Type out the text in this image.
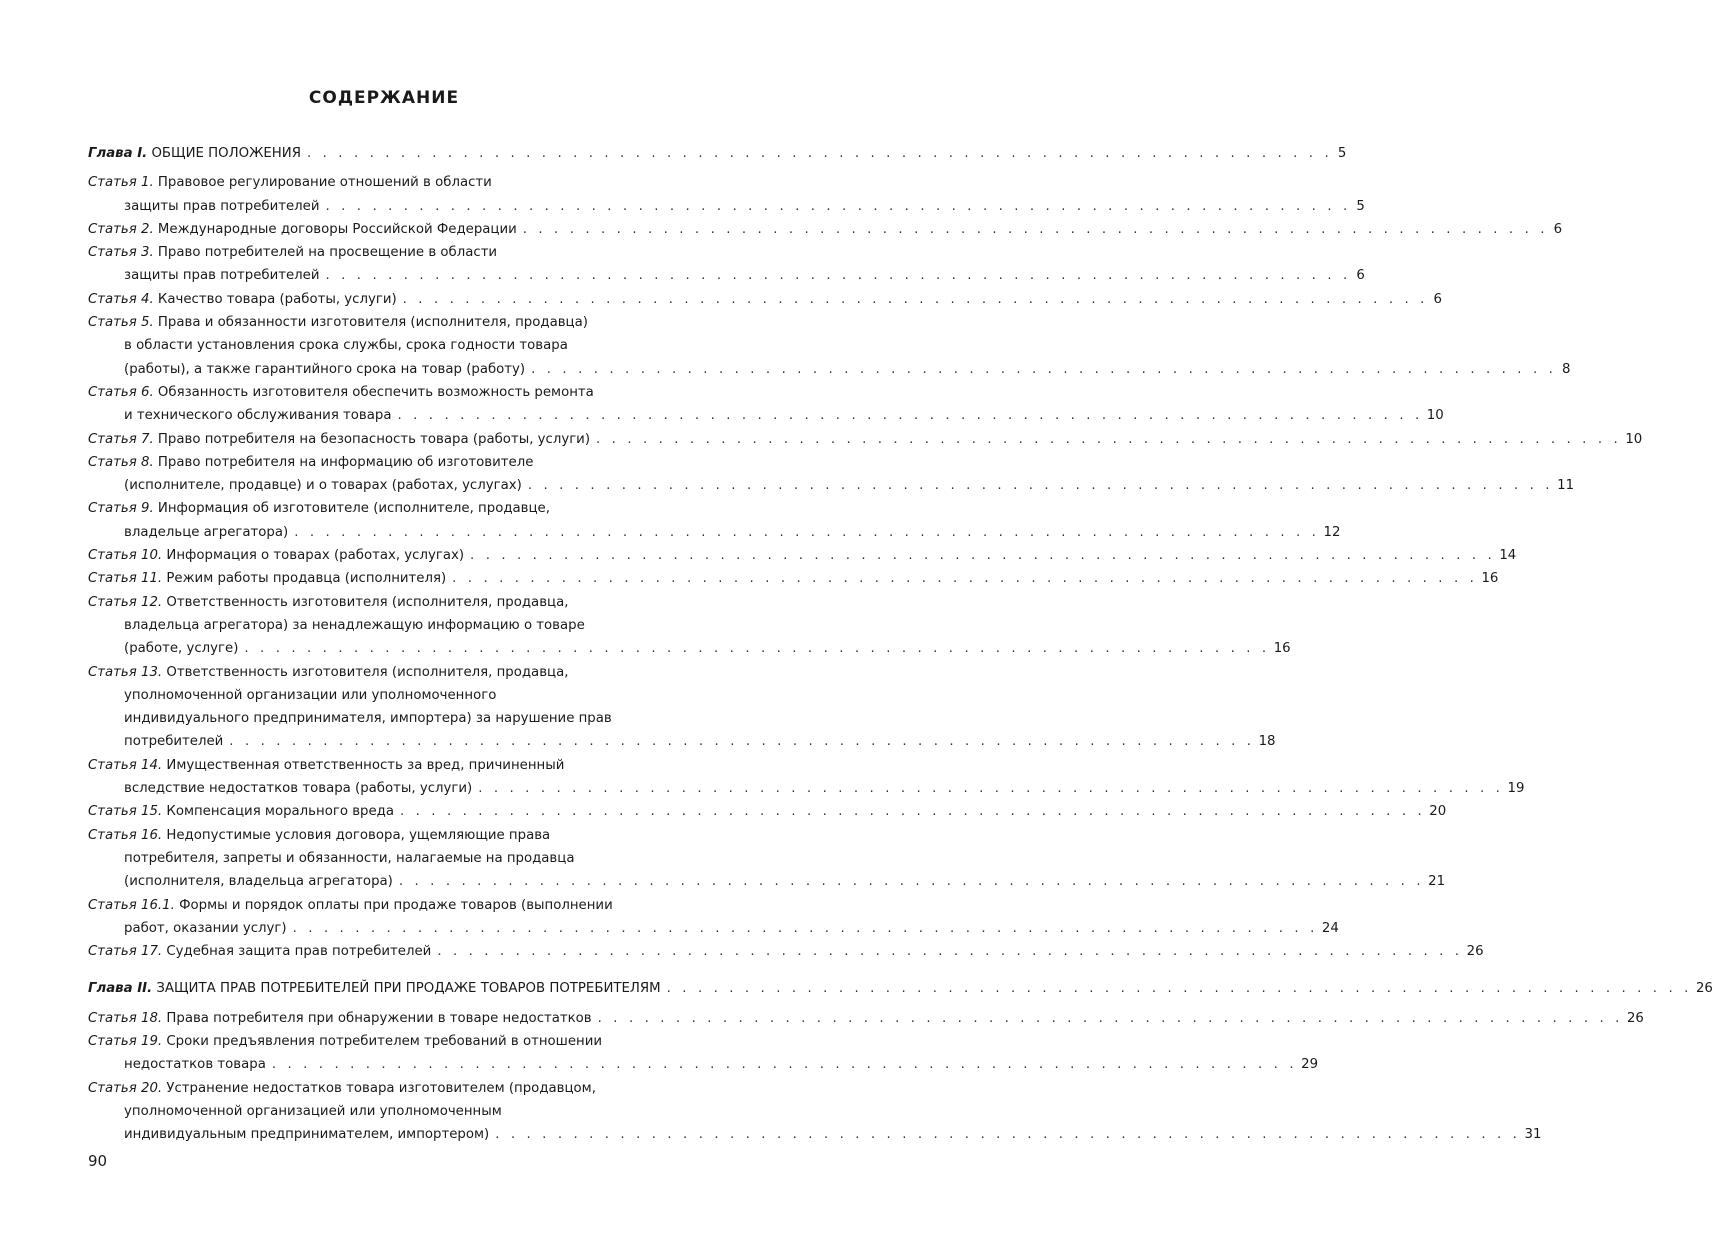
СОДЕРЖАНИЕ
Глава I.
ОБЩИЕ ПОЛОЖЕНИЯ . . . . . . . . . . . . . . . . . . . . . . . . . . . . . . . . . . . . . . . . . . . . . . . . . . . . . . . . . . . . . . . . . . 5
Статья 1.
Правовое регулирование отношений в области
защиты прав потребителей . . . . . . . . . . . . . . . . . . . . . . . . . . . . . . . . . . . . . . . . . . . . . . . . . . . . . . . . . . . . . . . . . . 5
Статья 2.
Международные договоры Российской Федерации . . . . . . . . . . . . . . . . . . . . . . . . . . . . . . . . . . . . . . . . . . . . . . . . . . . . . . . . . . . . . . . . . . 6
Статья 3.
Право потребителей на просвещение в области
защиты прав потребителей . . . . . . . . . . . . . . . . . . . . . . . . . . . . . . . . . . . . . . . . . . . . . . . . . . . . . . . . . . . . . . . . . . 6
Статья 4.
Качество товара (работы, услуги) . . . . . . . . . . . . . . . . . . . . . . . . . . . . . . . . . . . . . . . . . . . . . . . . . . . . . . . . . . . . . . . . . . 6
Статья 5.
Права и обязанности изготовителя (исполнителя, продавца)
в области установления срока службы, срока годности товара
(работы), а также гарантийного срока на товар (работу) . . . . . . . . . . . . . . . . . . . . . . . . . . . . . . . . . . . . . . . . . . . . . . . . . . . . . . . . . . . . . . . . . . 8
Статья 6.
Обязанность изготовителя обеспечить возможность ремонта
и технического обслуживания товара . . . . . . . . . . . . . . . . . . . . . . . . . . . . . . . . . . . . . . . . . . . . . . . . . . . . . . . . . . . . . . . . . . 10
Статья 7.
Право потребителя на безопасность товара (работы, услуги) . . . . . . . . . . . . . . . . . . . . . . . . . . . . . . . . . . . . . . . . . . . . . . . . . . . . . . . . . . . . . . . . . . 10
Статья 8.
Право потребителя на информацию об изготовителе
(исполнителе, продавце) и о товарах (работах, услугах) . . . . . . . . . . . . . . . . . . . . . . . . . . . . . . . . . . . . . . . . . . . . . . . . . . . . . . . . . . . . . . . . . . 11
Статья 9.
Информация об изготовителе (исполнителе, продавце,
владельце агрегатора) . . . . . . . . . . . . . . . . . . . . . . . . . . . . . . . . . . . . . . . . . . . . . . . . . . . . . . . . . . . . . . . . . . 12
Статья 10.
Информация о товарах (работах, услугах) . . . . . . . . . . . . . . . . . . . . . . . . . . . . . . . . . . . . . . . . . . . . . . . . . . . . . . . . . . . . . . . . . . 14
Статья 11.
Режим работы продавца (исполнителя) . . . . . . . . . . . . . . . . . . . . . . . . . . . . . . . . . . . . . . . . . . . . . . . . . . . . . . . . . . . . . . . . . . 16
Статья 12.
Ответственность изготовителя (исполнителя, продавца,
владельца агрегатора) за ненадлежащую информацию о товаре
(работе, услуге) . . . . . . . . . . . . . . . . . . . . . . . . . . . . . . . . . . . . . . . . . . . . . . . . . . . . . . . . . . . . . . . . . . 16
Статья 13.
Ответственность изготовителя (исполнителя, продавца,
уполномоченной организации или уполномоченного
индивидуального предпринимателя, импортера) за нарушение прав
потребителей . . . . . . . . . . . . . . . . . . . . . . . . . . . . . . . . . . . . . . . . . . . . . . . . . . . . . . . . . . . . . . . . . . 18
Статья 14.
Имущественная ответственность за вред, причиненный
вследствие недостатков товара (работы, услуги) . . . . . . . . . . . . . . . . . . . . . . . . . . . . . . . . . . . . . . . . . . . . . . . . . . . . . . . . . . . . . . . . . . 19
Статья 15.
Компенсация морального вреда . . . . . . . . . . . . . . . . . . . . . . . . . . . . . . . . . . . . . . . . . . . . . . . . . . . . . . . . . . . . . . . . . . 20
Статья 16.
Недопустимые условия договора, ущемляющие права
потребителя, запреты и обязанности, налагаемые на продавца
(исполнителя, владельца агрегатора) . . . . . . . . . . . . . . . . . . . . . . . . . . . . . . . . . . . . . . . . . . . . . . . . . . . . . . . . . . . . . . . . . . 21
Статья 16.1.
Формы и порядок оплаты при продаже товаров (выполнении
работ, оказании услуг) . . . . . . . . . . . . . . . . . . . . . . . . . . . . . . . . . . . . . . . . . . . . . . . . . . . . . . . . . . . . . . . . . . 24
Статья 17.
Судебная защита прав потребителей . . . . . . . . . . . . . . . . . . . . . . . . . . . . . . . . . . . . . . . . . . . . . . . . . . . . . . . . . . . . . . . . . . 26
Глава II.
ЗАЩИТА ПРАВ ПОТРЕБИТЕЛЕЙ ПРИ ПРОДАЖЕ ТОВАРОВ ПОТРЕБИТЕЛЯМ . . . . . . . . . . . . . . . . . . . . . . . . . . . . . . . . . . . . . . . . . . . . . . . . . . . . . . . . . . . . . . . . . . 26
Статья 18.
Права потребителя при обнаружении в товаре недостатков . . . . . . . . . . . . . . . . . . . . . . . . . . . . . . . . . . . . . . . . . . . . . . . . . . . . . . . . . . . . . . . . . . 26
Статья 19.
Сроки предъявления потребителем требований в отношении
недостатков товара . . . . . . . . . . . . . . . . . . . . . . . . . . . . . . . . . . . . . . . . . . . . . . . . . . . . . . . . . . . . . . . . . . 29
Статья 20.
Устранение недостатков товара изготовителем (продавцом,
уполномоченной организацией или уполномоченным
индивидуальным предпринимателем, импортером) . . . . . . . . . . . . . . . . . . . . . . . . . . . . . . . . . . . . . . . . . . . . . . . . . . . . . . . . . . . . . . . . . . 31
90
